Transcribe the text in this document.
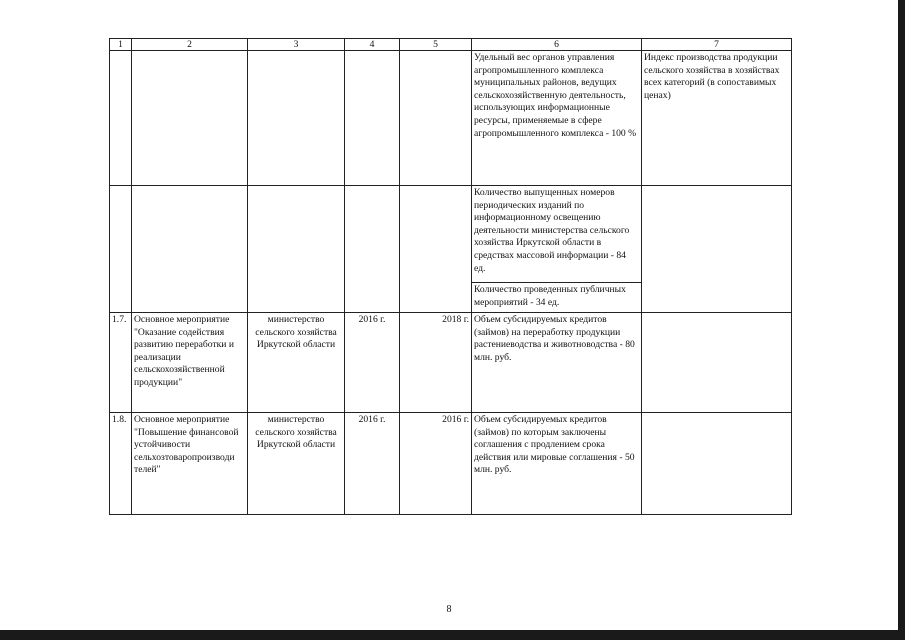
1	2	3	4	5	6	7
					Удельный вес органов управления агропромышленного комплекса муниципальных районов, ведущих сельскохозяйственную деятельность, использующих информационные ресурсы, применяемые в сфере агропромышленного комплекса - 100 %	Индекс производства продукции сельского хозяйства в хозяйствах всех категорий (в сопоставимых ценах)
					Количество выпущенных номеров периодических изданий по информационному освещению деятельности министерства сельского хозяйства Иркутской области в средствах массовой информации - 84 ед.	
					Количество проведенных публичных мероприятий - 34 ед.	
1.7.	Основное мероприятие "Оказание содействия развитию переработки и реализации сельскохозяйственной продукции"	министерство сельского хозяйства Иркутской области	2016 г.	2018 г.	Объем субсидируемых кредитов (займов) на переработку продукции растениеводства и животноводства - 80 млн. руб.	
1.8.	Основное мероприятие "Повышение финансовой устойчивости сельхозтоваропроизводи телей"	министерство сельского хозяйства Иркутской области	2016 г.	2016 г.	Объем субсидируемых кредитов (займов) по которым заключены соглашения с продлением срока действия или мировые соглашения - 50 млн. руб.	
8
